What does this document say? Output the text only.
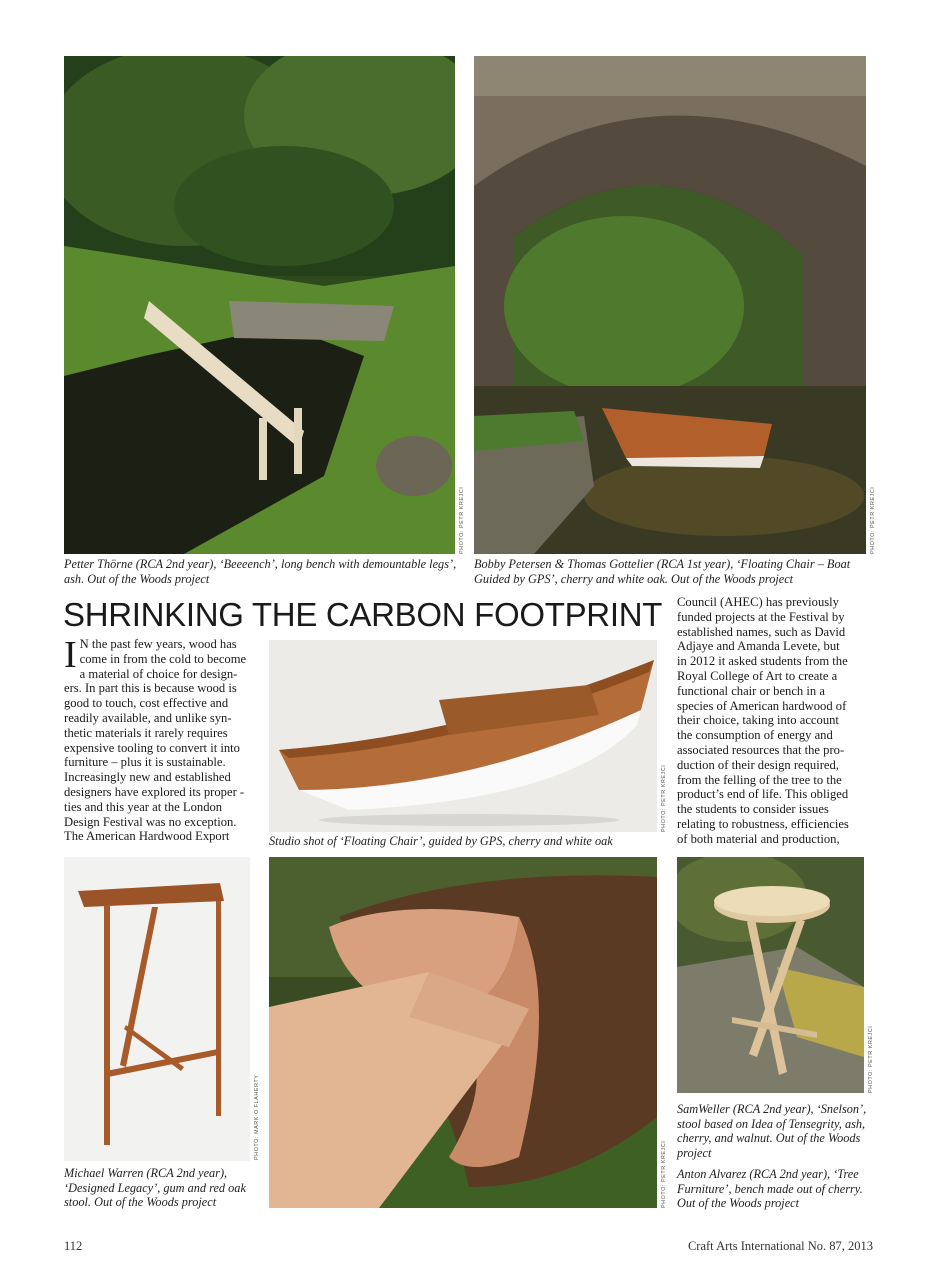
PHOTO: PETR KREJCI
Petter Thörne (RCA 2nd year), ‘Beeeench’, long bench with demountable legs’, ash. Out of the Woods project
PHOTO: PETR KREJCI
Bobby Petersen & Thomas Gottelier (RCA 1st year), ‘Floating Chair – Boat Guided by GPS’, cherry and white oak. Out of the Woods project
SHRINKING THE CARBON FOOTPRINT
I N the past few years, wood has
come in from the cold to become
a material of choice for design-
ers. In part this is because wood is
good to touch, cost effective and
readily available, and unlike syn-
thetic materials it rarely requires
expensive tooling to convert it into
furniture – plus it is sustainable.
Increasingly new and established
designers have explored its proper -
ties and this year at the London
Design Festival was no exception.
The American Hardwood Export
PHOTO: PETR KREJCI
Studio shot of ‘Floating Chair’, guided by GPS, cherry and white oak
Council (AHEC) has previously
funded projects at the Festival by
established names, such as David
Adjaye and Amanda Levete, but
in 2012 it asked students from the
Royal College of Art to create a
functional chair or bench in a
species of American hardwood of
their choice, taking into account
the consumption of energy and
associated resources that the pro-
duction of their design required,
from the felling of the tree to the
product’s end of life. This obliged
the students to consider issues
relating to robustness, efficiencies
of both material and production,
PHOTO: MARK O FLAHERTY
Michael Warren (RCA 2nd year), ‘Designed Legacy’, gum and red oak stool. Out of the Woods project	PHOTO: PETR KREJCI
PHOTO: PETR KREJCI
SamWeller (RCA 2nd year), ‘Snelson’, stool based on Idea of Tensegrity, ash, cherry, and walnut. Out of the Woods project
Anton Alvarez (RCA 2nd year), ‘Tree Furniture’, bench made out of cherry. Out of the Woods project
112	Craft Arts International No. 87, 2013
